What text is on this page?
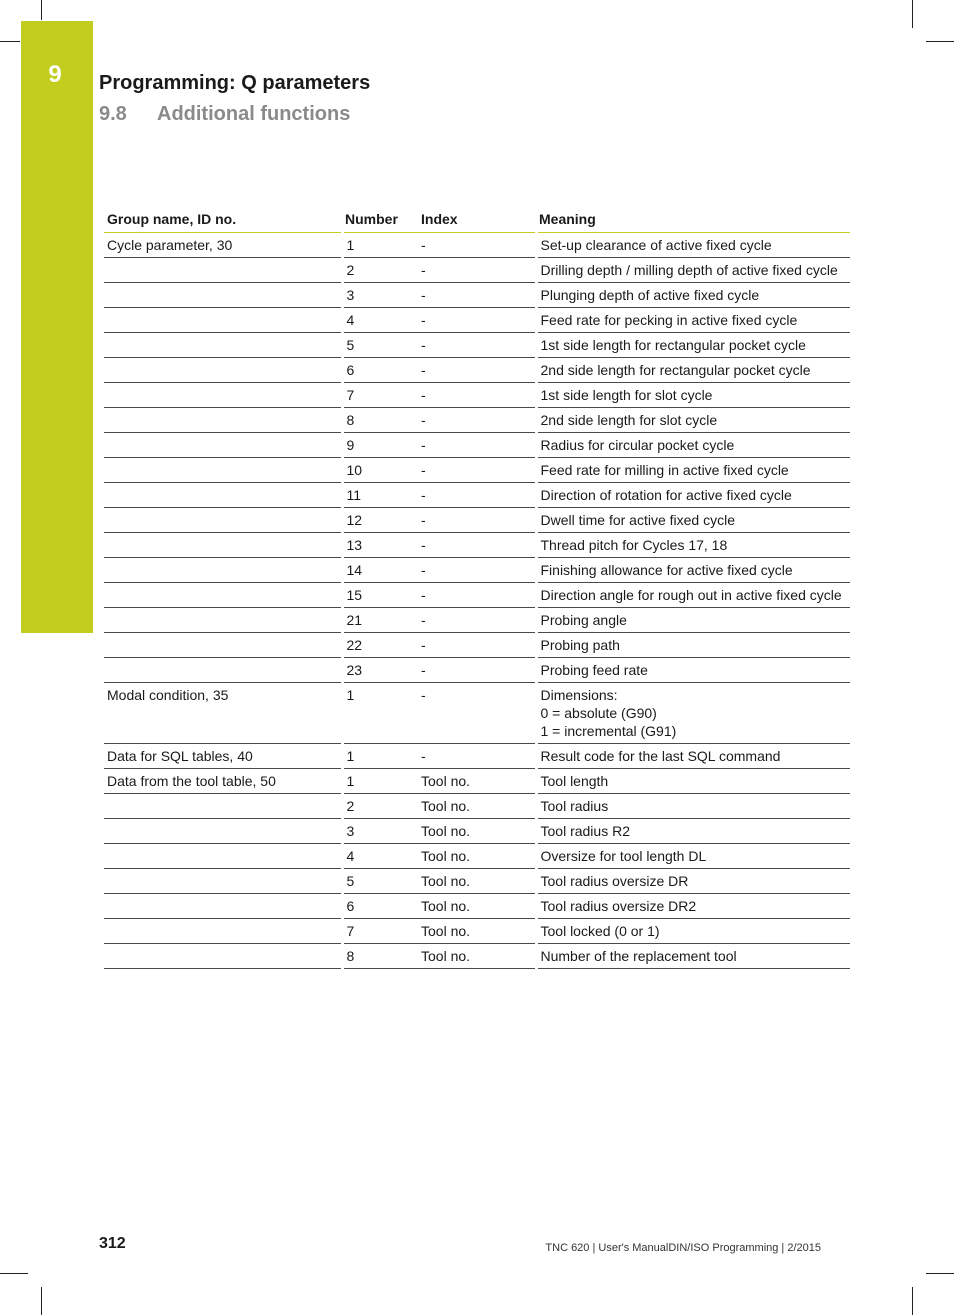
9	Programming: Q parameters
9.8 Additional functions
Group name, ID no.	Number	Index	Meaning
Cycle parameter, 30	1	-	Set-up clearance of active fixed cycle
	2	-	Drilling depth / milling depth of active fixed cycle
	3	-	Plunging depth of active fixed cycle
	4	-	Feed rate for pecking in active fixed cycle
	5	-	1st side length for rectangular pocket cycle
	6	-	2nd side length for rectangular pocket cycle
	7	-	1st side length for slot cycle
	8	-	2nd side length for slot cycle
	9	-	Radius for circular pocket cycle
	10	-	Feed rate for milling in active fixed cycle
	11	-	Direction of rotation for active fixed cycle
	12	-	Dwell time for active fixed cycle
	13	-	Thread pitch for Cycles 17, 18
	14	-	Finishing allowance for active fixed cycle
	15	-	Direction angle for rough out in active fixed cycle
	21	-	Probing angle
	22	-	Probing path
	23	-	Probing feed rate
Modal condition, 35	1	-	Dimensions:
0 = absolute (G90)
1 = incremental (G91)
Data for SQL tables, 40	1	-	Result code for the last SQL command
Data from the tool table, 50	1	Tool no.	Tool length
	2	Tool no.	Tool radius
	3	Tool no.	Tool radius R2
	4	Tool no.	Oversize for tool length DL
	5	Tool no.	Tool radius oversize DR
	6	Tool no.	Tool radius oversize DR2
	7	Tool no.	Tool locked (0 or 1)
	8	Tool no.	Number of the replacement tool
312	TNC 620 | User's ManualDIN/ISO Programming | 2/2015
